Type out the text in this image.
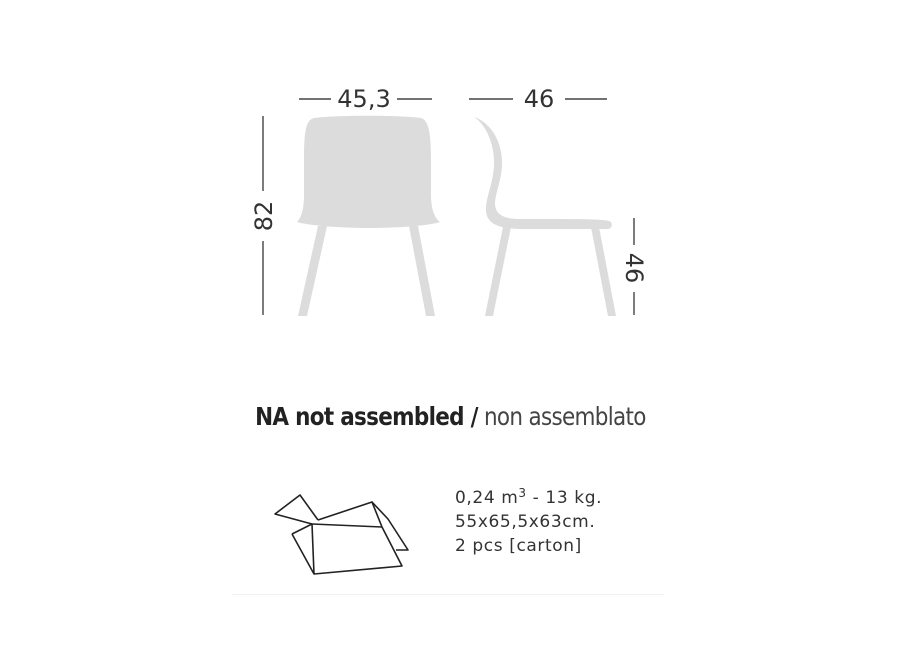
45,3	46
82
46
NA not assembled / non assemblato
0,24 $m^3 - 13$ kg.
55x65,5x63cm.
2 pcs [carton]
